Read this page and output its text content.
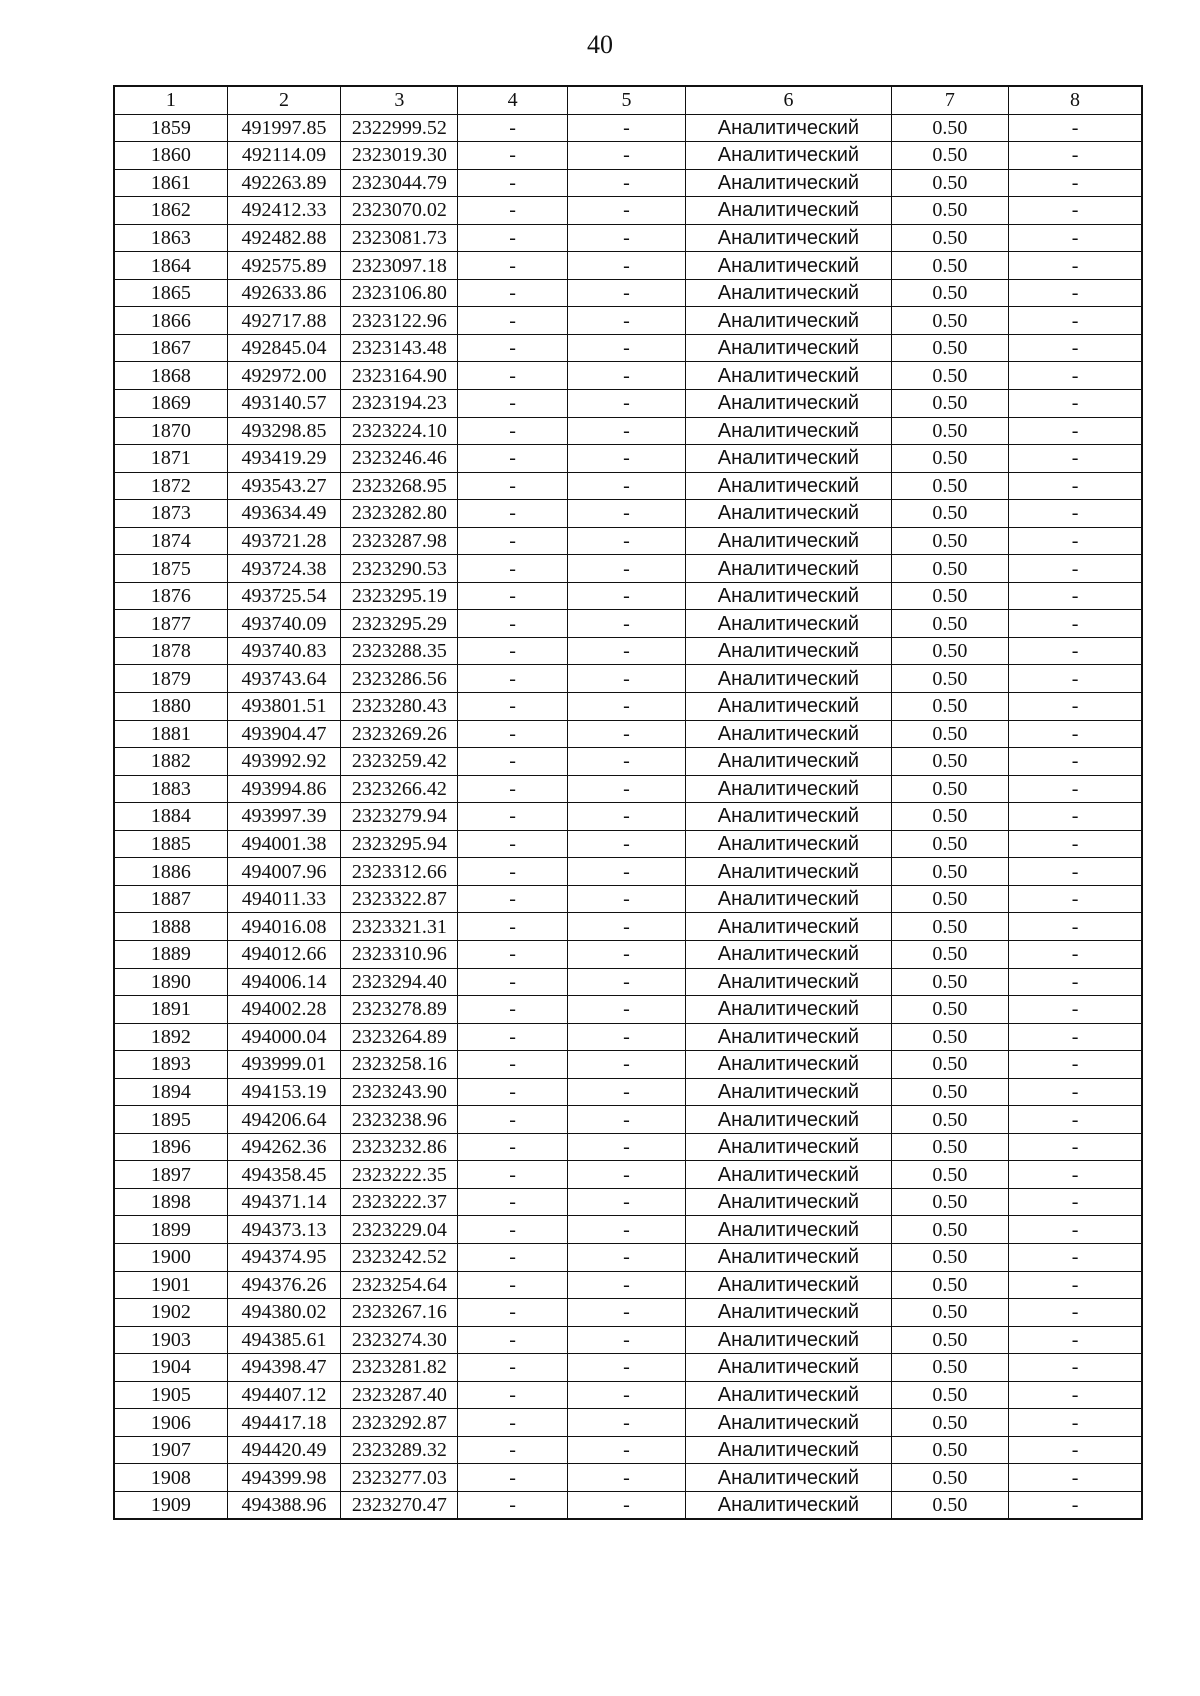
40
1	2	3	4	5	6	7	8
1859	491997.85	2322999.52	-	-	Аналитический	0.50	-
1860	492114.09	2323019.30	-	-	Аналитический	0.50	-
1861	492263.89	2323044.79	-	-	Аналитический	0.50	-
1862	492412.33	2323070.02	-	-	Аналитический	0.50	-
1863	492482.88	2323081.73	-	-	Аналитический	0.50	-
1864	492575.89	2323097.18	-	-	Аналитический	0.50	-
1865	492633.86	2323106.80	-	-	Аналитический	0.50	-
1866	492717.88	2323122.96	-	-	Аналитический	0.50	-
1867	492845.04	2323143.48	-	-	Аналитический	0.50	-
1868	492972.00	2323164.90	-	-	Аналитический	0.50	-
1869	493140.57	2323194.23	-	-	Аналитический	0.50	-
1870	493298.85	2323224.10	-	-	Аналитический	0.50	-
1871	493419.29	2323246.46	-	-	Аналитический	0.50	-
1872	493543.27	2323268.95	-	-	Аналитический	0.50	-
1873	493634.49	2323282.80	-	-	Аналитический	0.50	-
1874	493721.28	2323287.98	-	-	Аналитический	0.50	-
1875	493724.38	2323290.53	-	-	Аналитический	0.50	-
1876	493725.54	2323295.19	-	-	Аналитический	0.50	-
1877	493740.09	2323295.29	-	-	Аналитический	0.50	-
1878	493740.83	2323288.35	-	-	Аналитический	0.50	-
1879	493743.64	2323286.56	-	-	Аналитический	0.50	-
1880	493801.51	2323280.43	-	-	Аналитический	0.50	-
1881	493904.47	2323269.26	-	-	Аналитический	0.50	-
1882	493992.92	2323259.42	-	-	Аналитический	0.50	-
1883	493994.86	2323266.42	-	-	Аналитический	0.50	-
1884	493997.39	2323279.94	-	-	Аналитический	0.50	-
1885	494001.38	2323295.94	-	-	Аналитический	0.50	-
1886	494007.96	2323312.66	-	-	Аналитический	0.50	-
1887	494011.33	2323322.87	-	-	Аналитический	0.50	-
1888	494016.08	2323321.31	-	-	Аналитический	0.50	-
1889	494012.66	2323310.96	-	-	Аналитический	0.50	-
1890	494006.14	2323294.40	-	-	Аналитический	0.50	-
1891	494002.28	2323278.89	-	-	Аналитический	0.50	-
1892	494000.04	2323264.89	-	-	Аналитический	0.50	-
1893	493999.01	2323258.16	-	-	Аналитический	0.50	-
1894	494153.19	2323243.90	-	-	Аналитический	0.50	-
1895	494206.64	2323238.96	-	-	Аналитический	0.50	-
1896	494262.36	2323232.86	-	-	Аналитический	0.50	-
1897	494358.45	2323222.35	-	-	Аналитический	0.50	-
1898	494371.14	2323222.37	-	-	Аналитический	0.50	-
1899	494373.13	2323229.04	-	-	Аналитический	0.50	-
1900	494374.95	2323242.52	-	-	Аналитический	0.50	-
1901	494376.26	2323254.64	-	-	Аналитический	0.50	-
1902	494380.02	2323267.16	-	-	Аналитический	0.50	-
1903	494385.61	2323274.30	-	-	Аналитический	0.50	-
1904	494398.47	2323281.82	-	-	Аналитический	0.50	-
1905	494407.12	2323287.40	-	-	Аналитический	0.50	-
1906	494417.18	2323292.87	-	-	Аналитический	0.50	-
1907	494420.49	2323289.32	-	-	Аналитический	0.50	-
1908	494399.98	2323277.03	-	-	Аналитический	0.50	-
1909	494388.96	2323270.47	-	-	Аналитический	0.50	-
